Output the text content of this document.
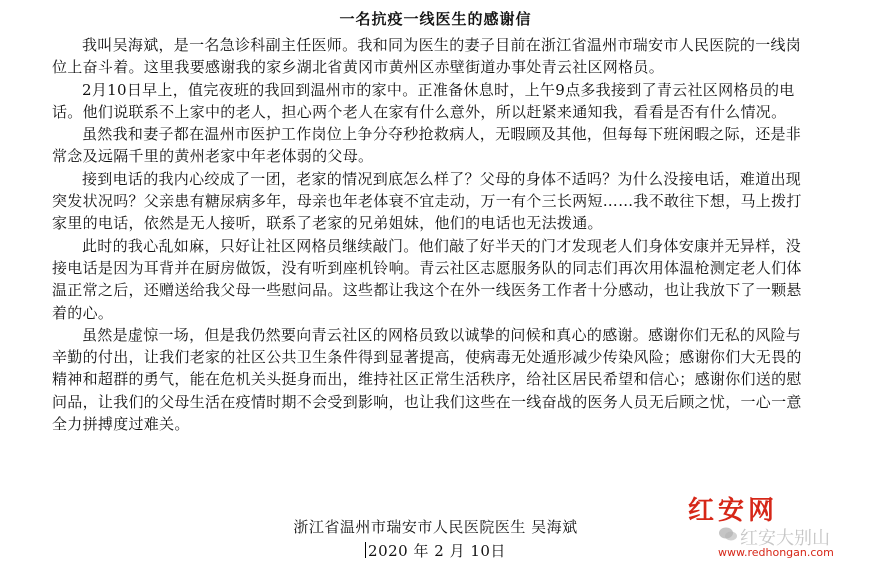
一名抗疫一线医生的感谢信

我叫吴海斌，是一名急诊科副主任医师。我和同为医生的妻子目前在浙江省温州市瑞安市人民医院的一线岗位上奋斗着。这里我要感谢我的家乡湖北省黄冈市黄州区赤壁街道办事处青云社区网格员。

2月10日早上，值完夜班的我回到温州市的家中。正准备休息时，上午9点多我接到了青云社区网格员的电话。他们说联系不上家中的老人，担心两个老人在家有什么意外，所以赶紧来通知我，看看是否有什么情况。

虽然我和妻子都在温州市医护工作岗位上争分夺秒抢救病人，无暇顾及其他，但每每下班闲暇之际，还是非常念及远隔千里的黄州老家中年老体弱的父母。

接到电话的我内心绞成了一团，老家的情况到底怎么样了？父母的身体不适吗？为什么没接电话，难道出现突发状况吗？父亲患有糖尿病多年，母亲也年老体衰不宜走动，万一有个三长两短……我不敢往下想，马上拨打家里的电话，依然是无人接听，联系了老家的兄弟姐妹，他们的电话也无法拨通。

此时的我心乱如麻，只好让社区网格员继续敲门。他们敲了好半天的门才发现老人们身体安康并无异样，没接电话是因为耳背并在厨房做饭，没有听到座机铃响。青云社区志愿服务队的同志们再次用体温枪测定老人们体温正常之后，还赠送给我父母一些慰问品。这些都让我这个在外一线医务工作者十分感动，也让我放下了一颗悬着的心。

虽然是虚惊一场，但是我仍然要向青云社区的网格员致以诚挚的问候和真心的感谢。感谢你们无私的风险与辛勤的付出，让我们老家的社区公共卫生条件得到显著提高，使病毒无处遁形减少传染风险；感谢你们大无畏的精神和超群的勇气，能在危机关头挺身而出，维持社区正常生活秩序，给社区居民希望和信心；感谢你们送的慰问品，让我们的父母生活在疫情时期不会受到影响，也让我们这些在一线奋战的医务人员无后顾之忧，一心一意全力拼搏度过难关。

浙江省温州市瑞安市人民医院医生 吴海斌
2020 年 2 月 10日
红安网
红安大别山
www.redhongan.com
